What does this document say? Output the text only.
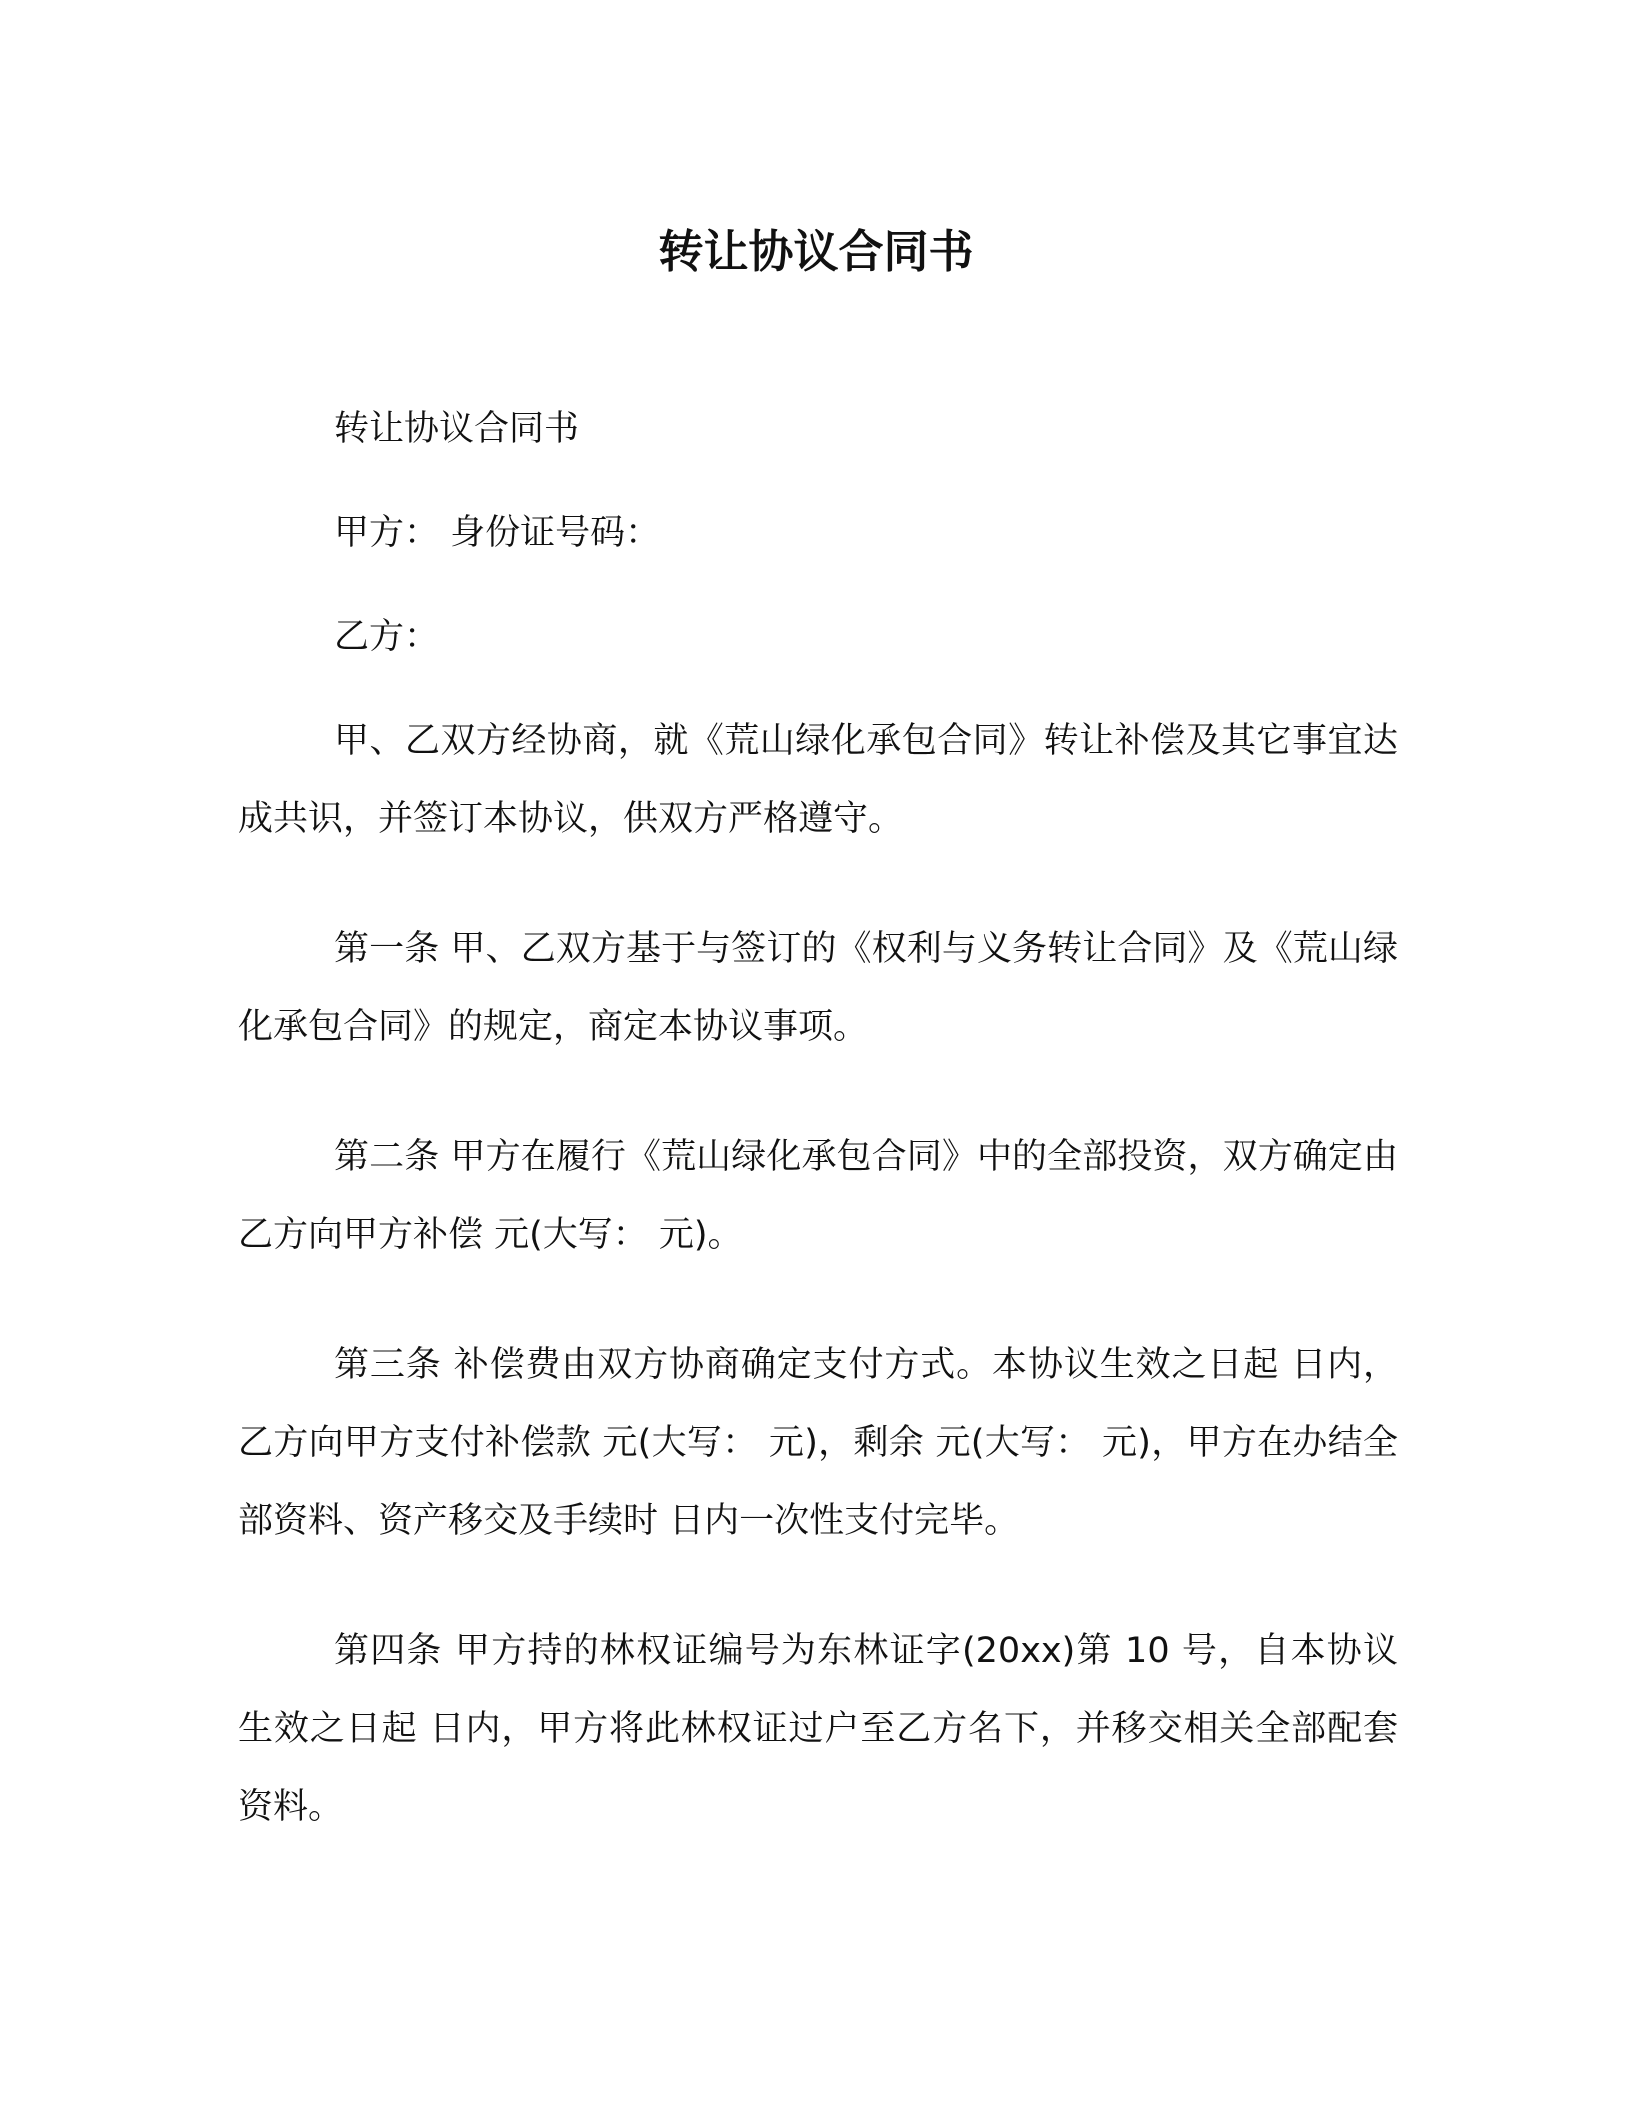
转让协议合同书

转让协议合同书

甲方： 身份证号码：

乙方：

甲、乙双方经协商，就《荒山绿化承包合同》转让补偿及其它事宜达成共识，并签订本协议，供双方严格遵守。

第一条 甲、乙双方基于与签订的《权利与义务转让合同》及《荒山绿化承包合同》的规定，商定本协议事项。

第二条 甲方在履行《荒山绿化承包合同》中的全部投资，双方确定由乙方向甲方补偿 元(大写： 元)。

第三条 补偿费由双方协商确定支付方式。本协议生效之日起 日内，乙方向甲方支付补偿款 元(大写： 元)，剩余 元(大写： 元)，甲方在办结全部资料、资产移交及手续时 日内一次性支付完毕。

第四条 甲方持的林权证编号为东林证字(20xx)第 10 号，自本协议生效之日起 日内，甲方将此林权证过户至乙方名下，并移交相关全部配套资料。
